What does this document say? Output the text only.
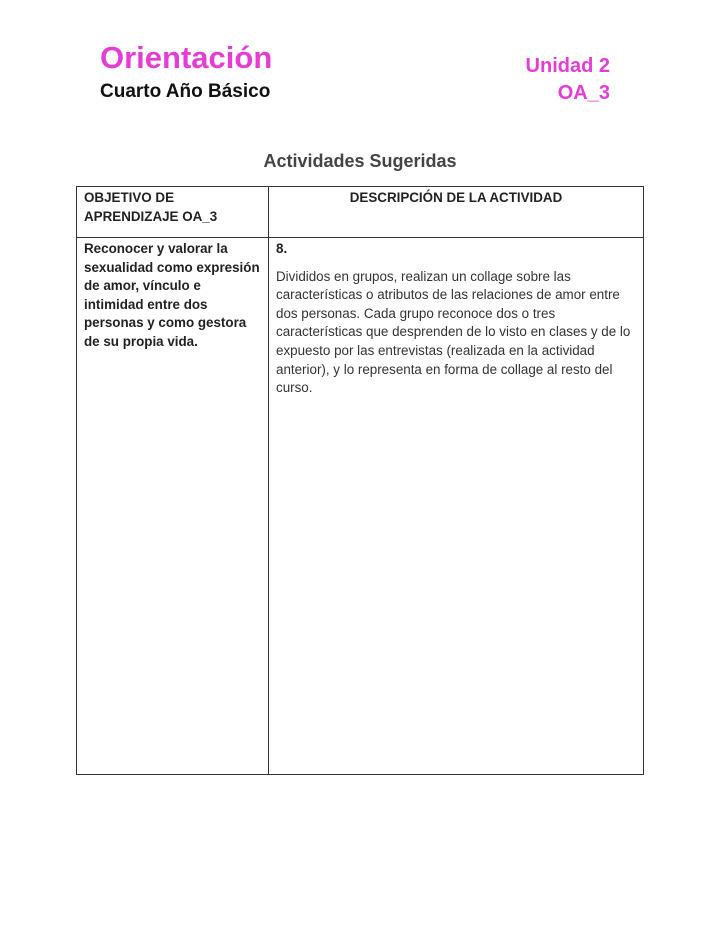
Orientación
Cuarto Año Básico
Unidad 2
OA_3
Actividades Sugeridas
OBJETIVO DE APRENDIZAJE OA_3	DESCRIPCIÓN DE LA ACTIVIDAD
Reconocer y valorar la sexualidad como expresión de amor, vínculo e intimidad entre dos personas y como gestora de su propia vida.	8.
Divididos en grupos, realizan un collage sobre las características o atributos de las relaciones de amor entre dos personas. Cada grupo reconoce dos o tres características que desprenden de lo visto en clases y de lo expuesto por las entrevistas (realizada en la actividad anterior), y lo representa en forma de collage al resto del curso.
